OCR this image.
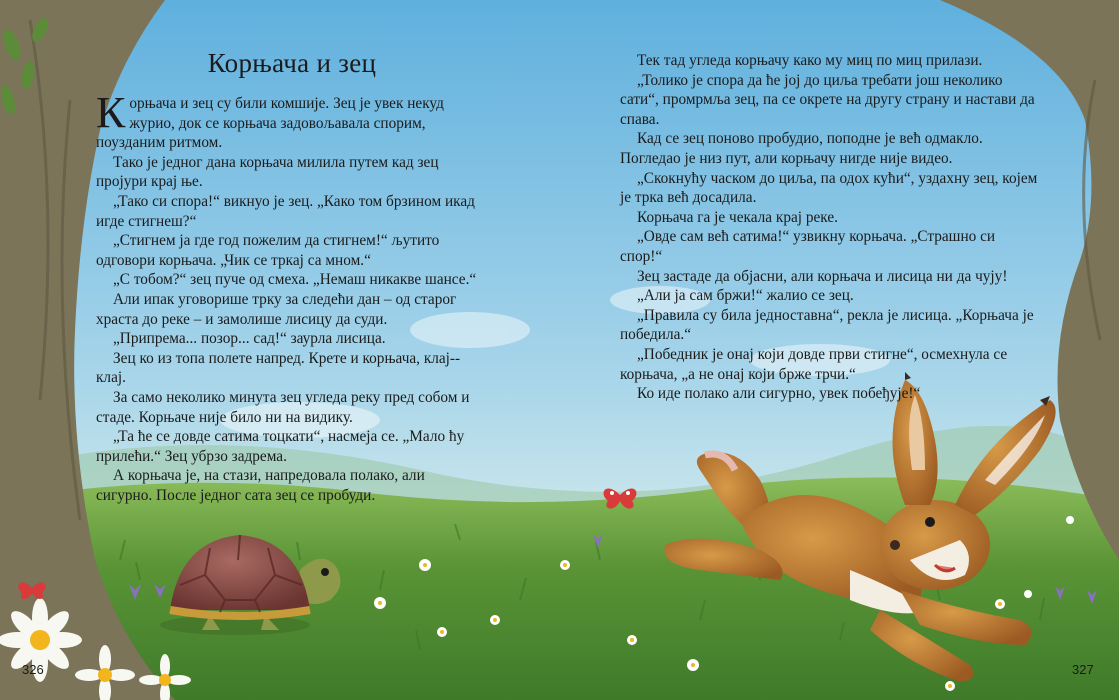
Корњача и зец

Корњача и зец су били комшије. Зец је увек некуд журио, док се корњача задовољавала спорим, поузданим ритмом.

Тако је једног дана корњача милила путем кад зец пројури крај ње.

„Тако си спора!“ викнуо је зец. „Како том брзином икад игде стигнеш?“

„Стигнем ја где год пожелим да стигнем!“ љутито одговори корњача. „Чик се тркај са мном.“

„С тобом?“ зец пуче од смеха. „Немаш никакве шансе.“

Али ипак уговорише трку за следећи дан – од старог храста до реке – и замолише лисицу да суди.

„Припрема... позор... сад!“ заурла лисица.

Зец ко из топа полете напред. Крете и корњача, клај--клај.

За само неколико минута зец угледа реку пред собом и стаде. Корњаче није било ни на видику.

„Та ће се довде сатима тоцкати“, насмеја се. „Мало ћу прилећи.“ Зец убрзо задрема.

А корњача је, на стази, напредовала полако, али сигурно. После једног сата зец се пробуди.

Тек тад угледа корњачу како му миц по миц прилази.

„Толико је спора да ће јој до циља требати још неколико сати“, промрмља зец, па се окрете на другу страну и настави да спава.

Кад се зец поново пробудио, поподне је већ одмакло. Погледао је низ пут, али корњачу нигде није видео.

„Скокнућу часком до циља, па одох кући“, уздахну зец, којем је трка већ досадила.

Корњача га је чекала крај реке.

„Овде сам већ сатима!“ узвикну корњача. „Страшно си спор!“

Зец застаде да објасни, али корњача и лисица ни да чују!

„Али ја сам бржи!“ жалио се зец.

„Правила су била једноставна“, рекла је лисица. „Корњача је победила.“

„Победник је онај који довде први стигне“, осмехнула се корњача, „а не онај који брже трчи.“

Ко иде полако али сигурно, увек побеђује!“

326	327
